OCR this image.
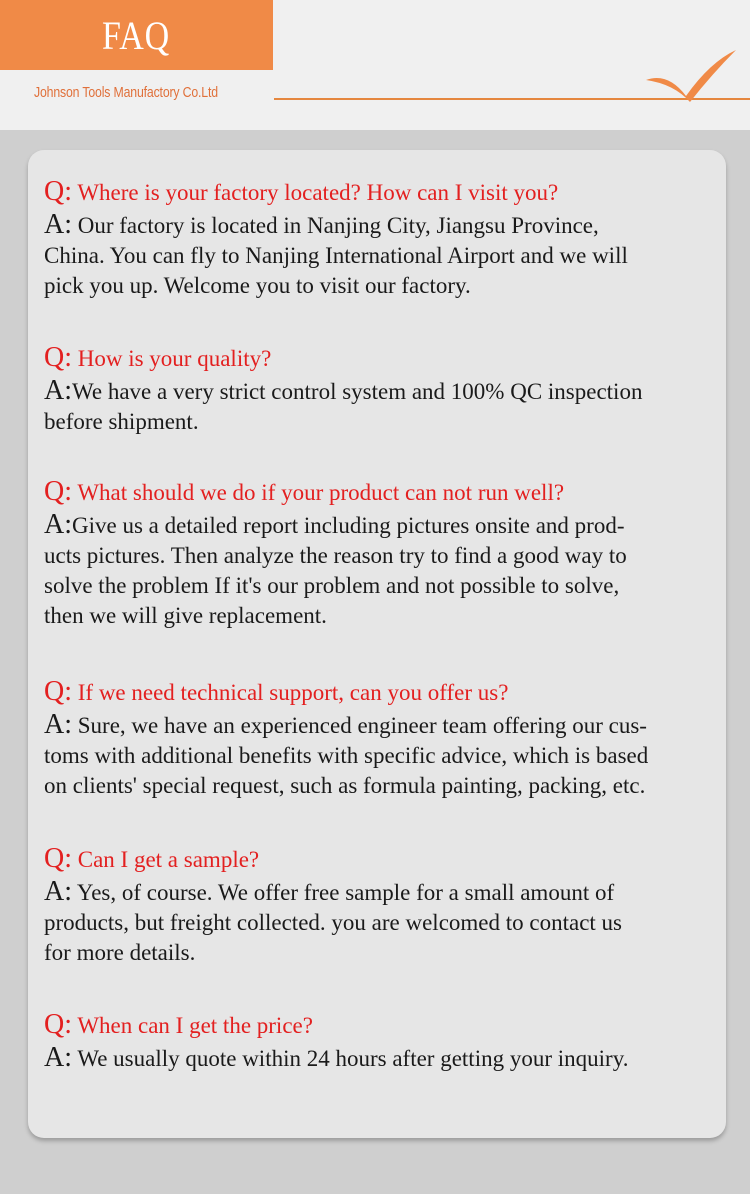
FAQ
Johnson Tools Manufactory Co.Ltd
Q: Where is your factory located? How can I visit you?
A: Our factory is located in Nanjing City, Jiangsu Province,
China. You can fly to Nanjing International Airport and we will
pick you up. Welcome you to visit our factory.
Q: How is your quality?
A:We have a very strict control system and 100% QC inspection
before shipment.
Q: What should we do if your product can not run well?
A:Give us a detailed report including pictures onsite and prod-
ucts pictures. Then analyze the reason try to find a good way to
solve the problem If it's our problem and not possible to solve,
then we will give replacement.
Q: If we need technical support, can you offer us?
A: Sure, we have an experienced engineer team offering our cus-
toms with additional benefits with specific advice, which is based
on clients' special request, such as formula painting, packing, etc.
Q: Can I get a sample?
A: Yes, of course. We offer free sample for a small amount of
products, but freight collected. you are welcomed to contact us
for more details.
Q: When can I get the price?
A: We usually quote within 24 hours after getting your inquiry.
